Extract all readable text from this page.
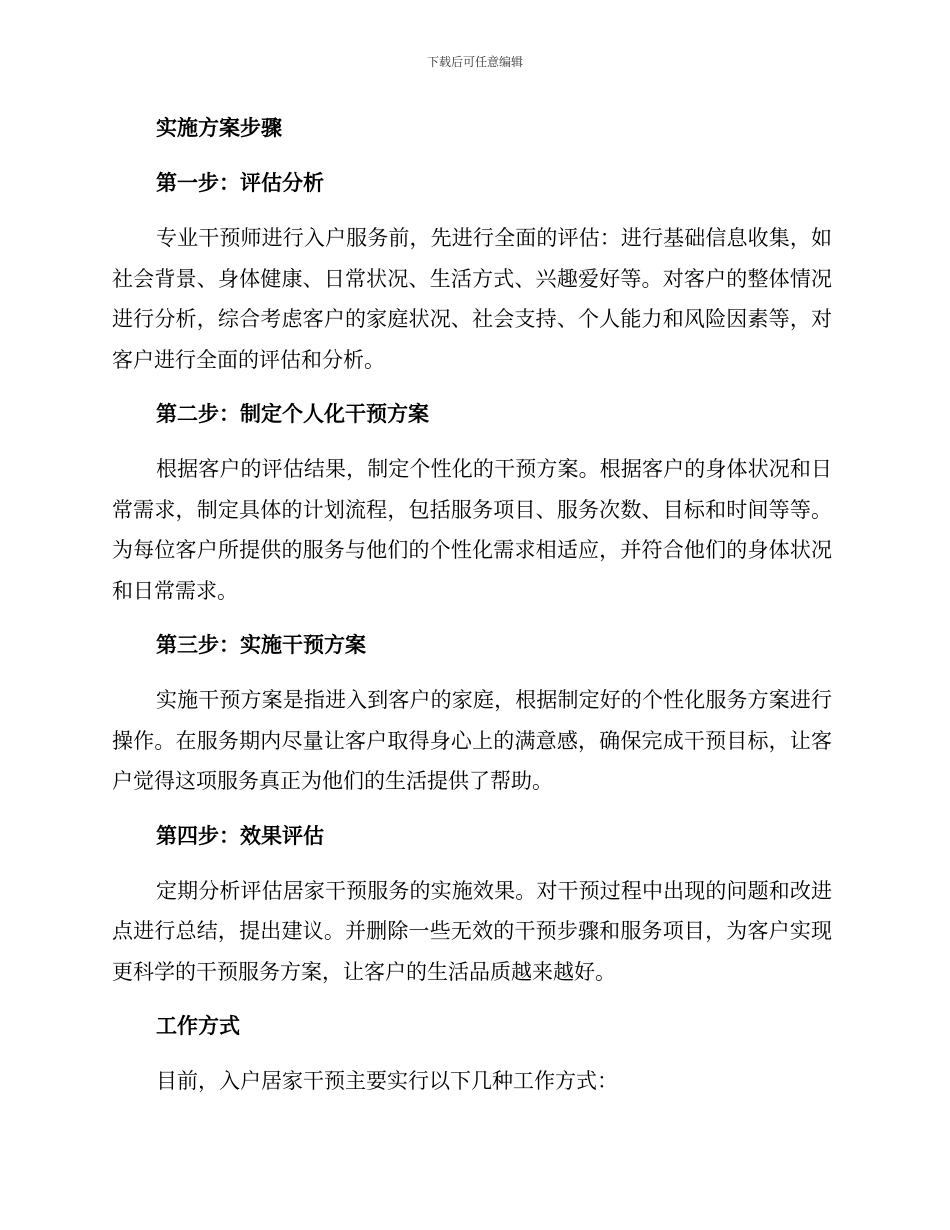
下载后可任意编辑
实施方案步骤
第一步：评估分析

专业干预师进行入户服务前，先进行全面的评估：进行基础信息收集，如社会背景、身体健康、日常状况、生活方式、兴趣爱好等。对客户的整体情况进行分析，综合考虑客户的家庭状况、社会支持、个人能力和风险因素等，对客户进行全面的评估和分析。

第二步：制定个人化干预方案

根据客户的评估结果，制定个性化的干预方案。根据客户的身体状况和日常需求，制定具体的计划流程，包括服务项目、服务次数、目标和时间等等。为每位客户所提供的服务与他们的个性化需求相适应，并符合他们的身体状况和日常需求。

第三步：实施干预方案

实施干预方案是指进入到客户的家庭，根据制定好的个性化服务方案进行操作。在服务期内尽量让客户取得身心上的满意感，确保完成干预目标，让客户觉得这项服务真正为他们的生活提供了帮助。

第四步：效果评估

定期分析评估居家干预服务的实施效果。对干预过程中出现的问题和改进点进行总结，提出建议。并删除一些无效的干预步骤和服务项目，为客户实现更科学的干预服务方案，让客户的生活品质越来越好。

工作方式

目前，入户居家干预主要实行以下几种工作方式：
